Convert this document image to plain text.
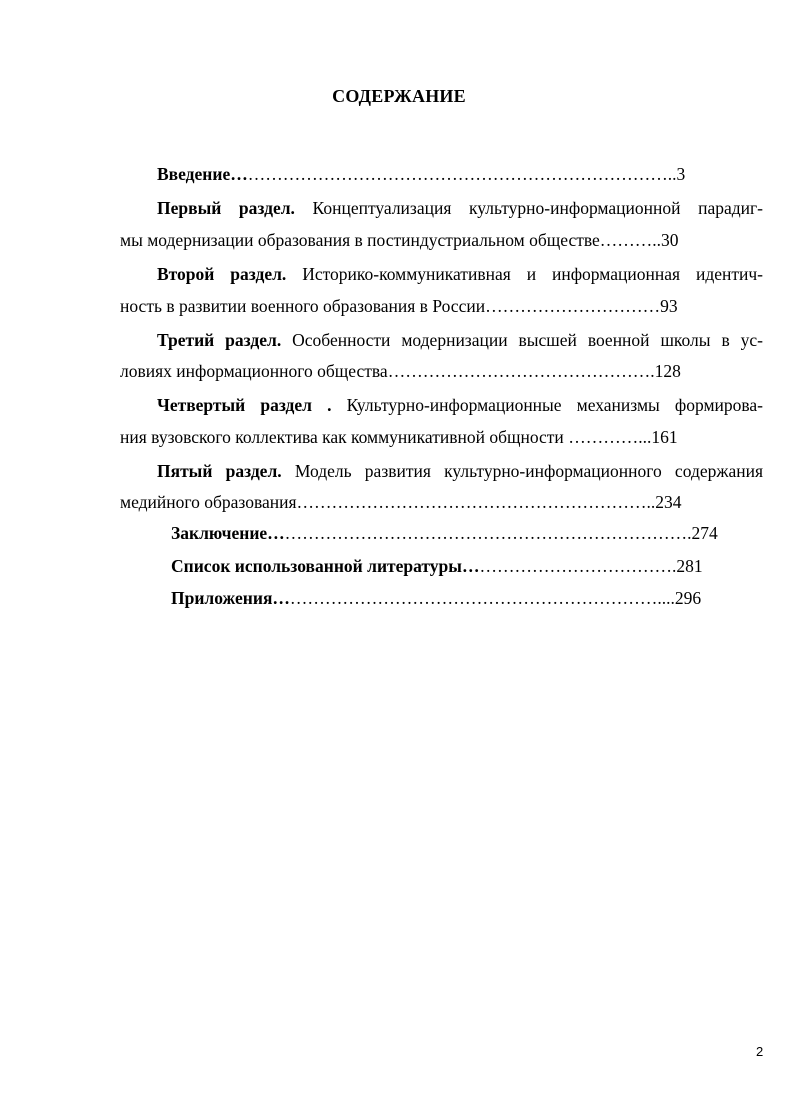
СОДЕРЖАНИЕ
Введение…………………………………………………………………..3
Первый раздел. Концептуализация культурно-информационной парадиг-
мы модернизации образования в постиндустриальном обществе………..30
Второй раздел. Историко-коммуникативная и информационная идентич-
ность в развитии военного образования в России…………………………93
Третий раздел. Особенности модернизации высшей военной школы в ус-
ловиях информационного общества……………………………………….128
Четвертый раздел . Культурно-информационные механизмы формирова-
ния вузовского коллектива как коммуникативной общности …………...161
Пятый раздел. Модель развития культурно-информационного содержания
медийного образования……………………………………………………..234
Заключение……………………………………………………………….274
Список использованной литературы……………………………….281
Приложения…………………………………………………………....296
2
